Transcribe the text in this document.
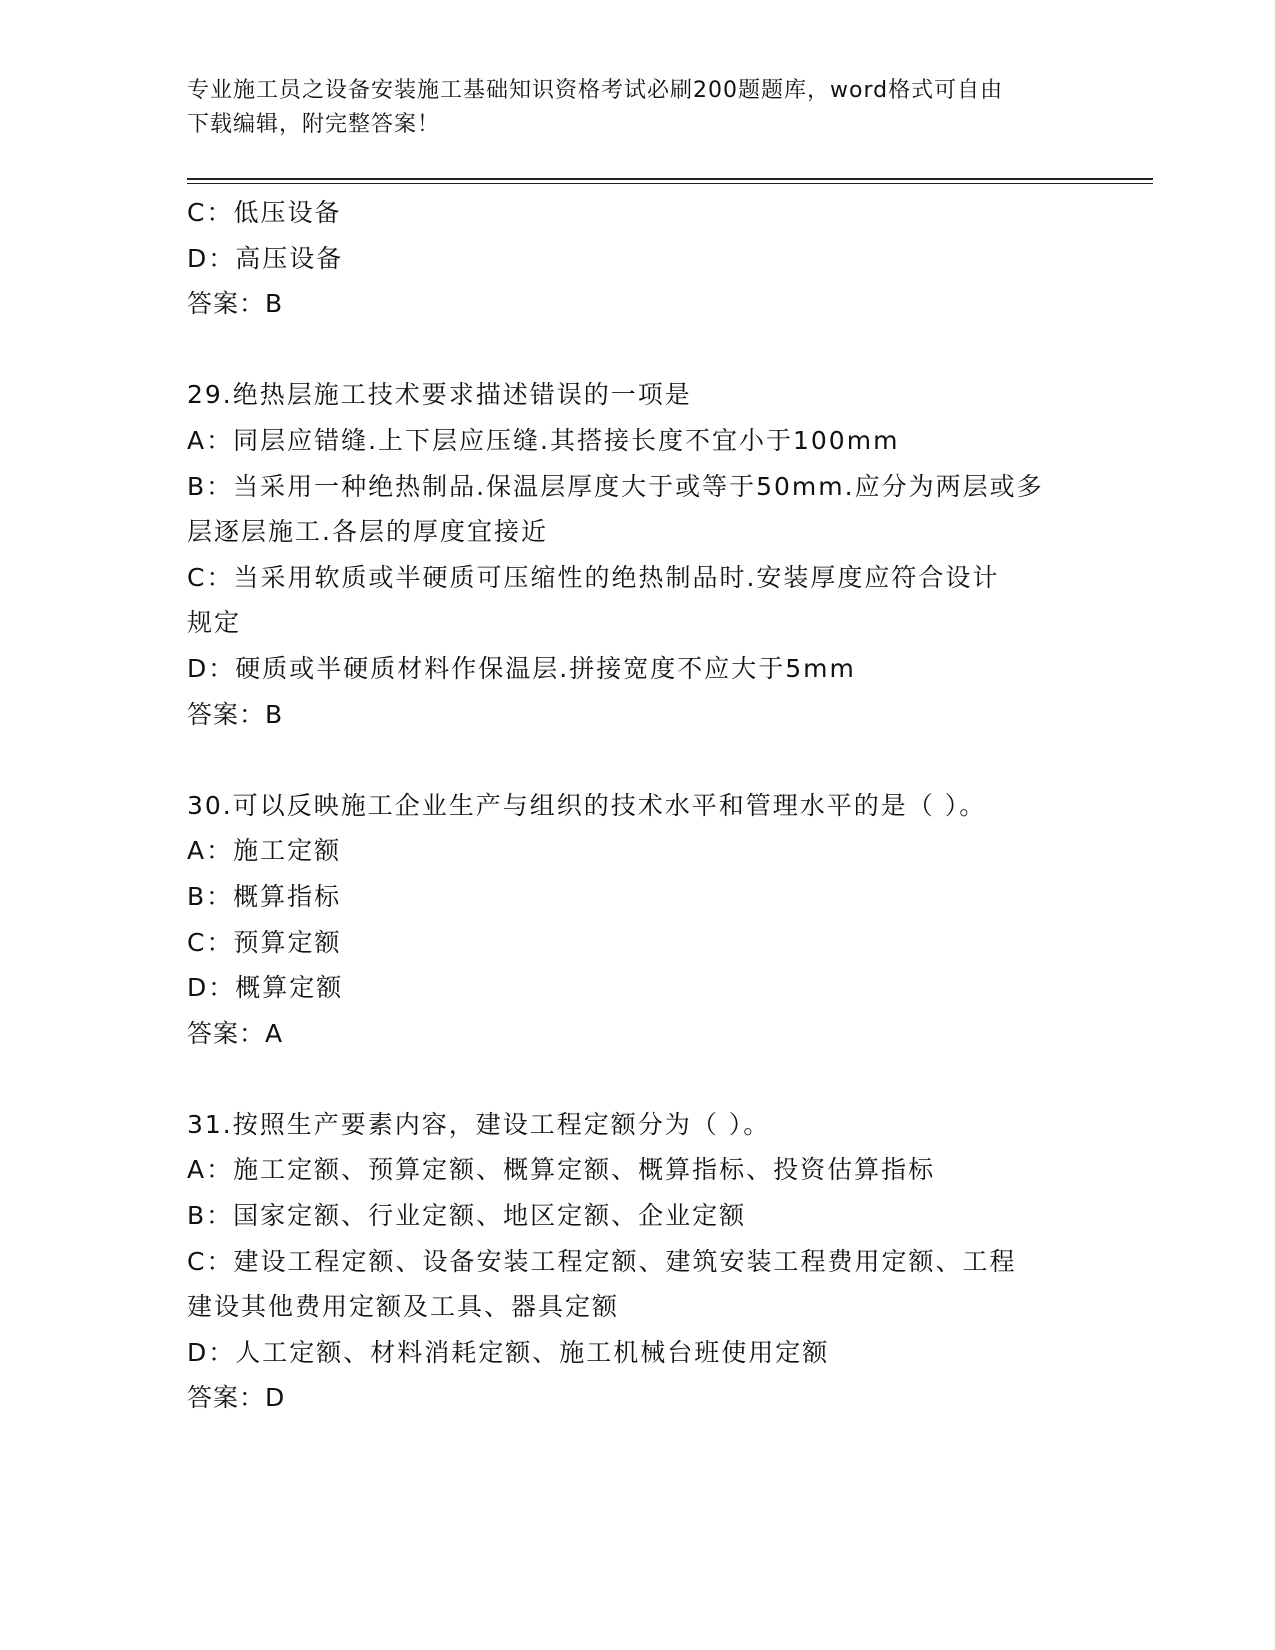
专业施工员之设备安装施工基础知识资格考试必刷200题题库，word格式可自由

下载编辑，附完整答案！

C：低压设备

D：高压设备

答案：B

29.绝热层施工技术要求描述错误的一项是

A：同层应错缝.上下层应压缝.其搭接长度不宜小于100mm

B：当采用一种绝热制品.保温层厚度大于或等于50mm.应分为两层或多

层逐层施工.各层的厚度宜接近

C：当采用软质或半硬质可压缩性的绝热制品时.安装厚度应符合设计

规定

D：硬质或半硬质材料作保温层.拼接宽度不应大于5mm

答案：B

30.可以反映施工企业生产与组织的技术水平和管理水平的是（ ）。

A：施工定额

B：概算指标

C：预算定额

D：概算定额

答案：A

31.按照生产要素内容，建设工程定额分为（ ）。

A：施工定额、预算定额、概算定额、概算指标、投资估算指标

B：国家定额、行业定额、地区定额、企业定额

C：建设工程定额、设备安装工程定额、建筑安装工程费用定额、工程

建设其他费用定额及工具、器具定额

D：人工定额、材料消耗定额、施工机械台班使用定额

答案：D
